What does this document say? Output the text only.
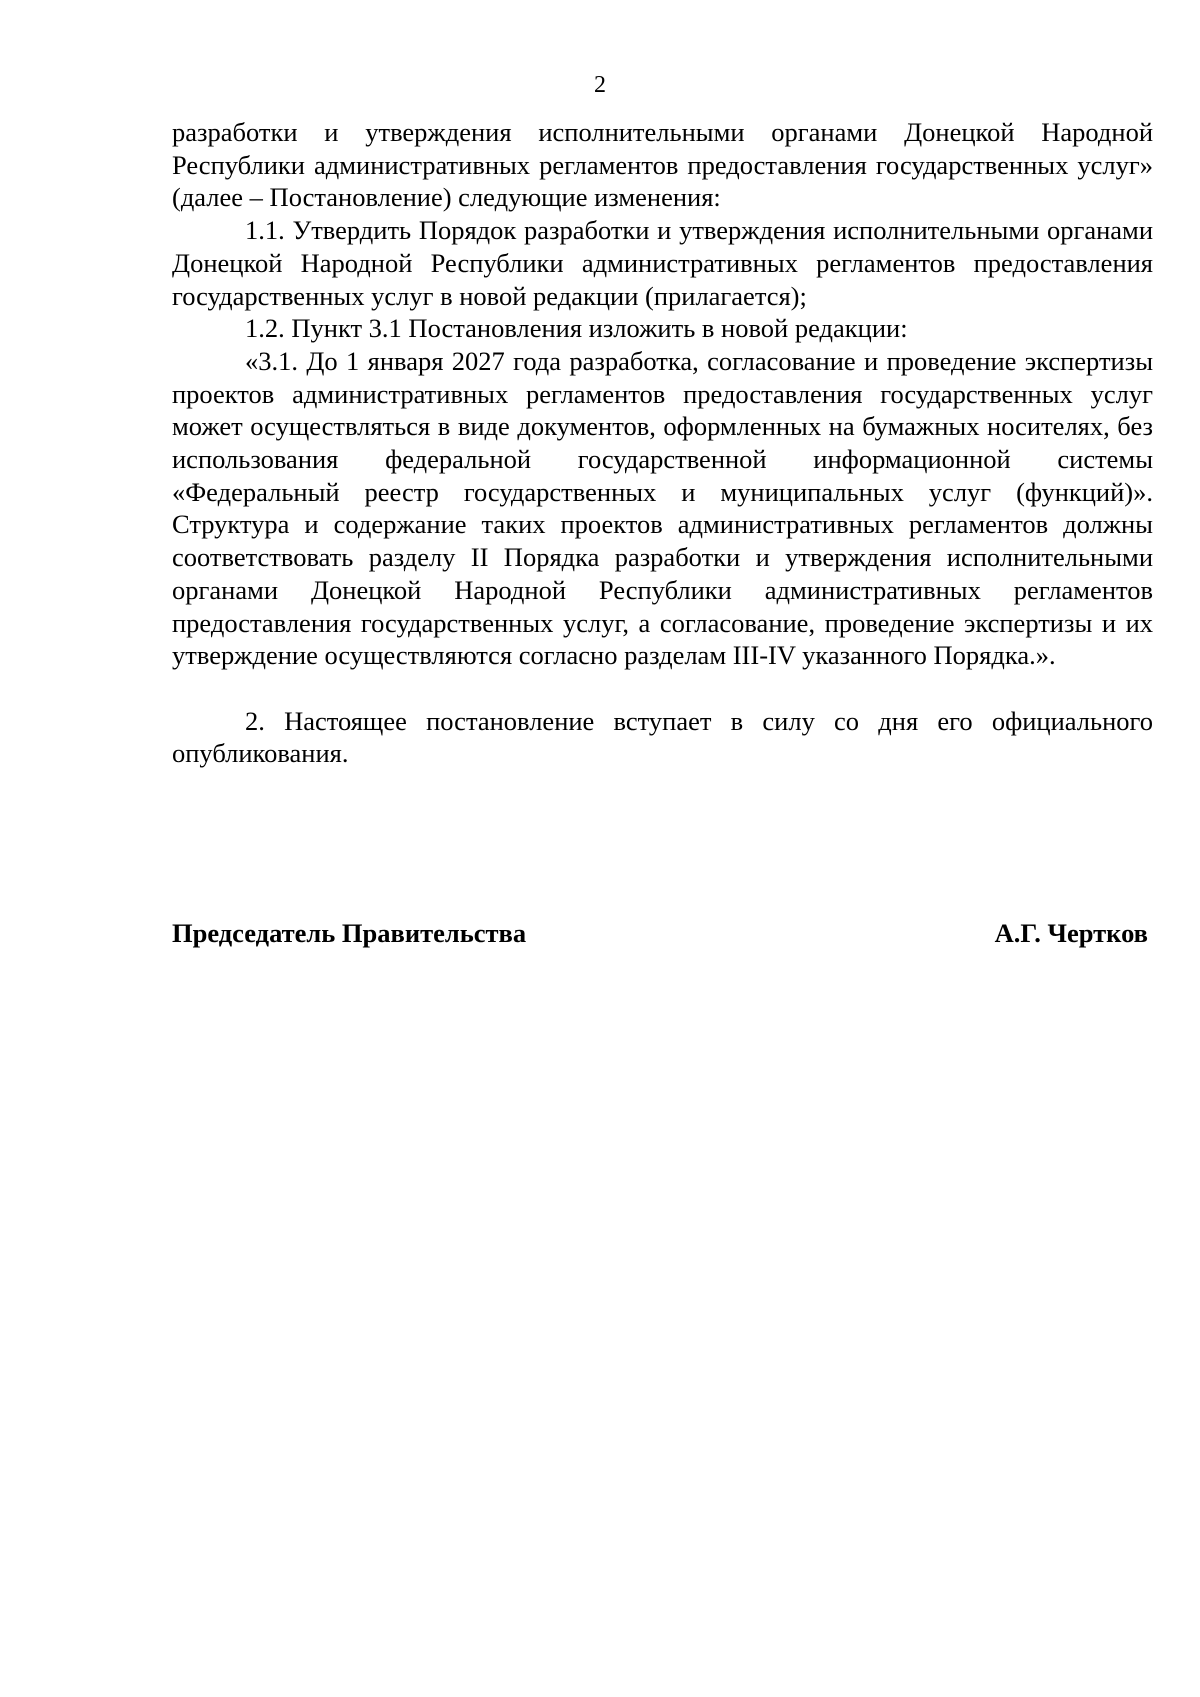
2

разработки и утверждения исполнительными органами Донецкой Народной Республики административных регламентов предоставления государственных услуг» (далее – Постановление) следующие изменения:

1.1. Утвердить Порядок разработки и утверждения исполнительными органами Донецкой Народной Республики административных регламентов предоставления государственных услуг в новой редакции (прилагается);

1.2. Пункт 3.1 Постановления изложить в новой редакции:

«3.1. До 1 января 2027 года разработка, согласование и проведение экспертизы проектов административных регламентов предоставления государственных услуг может осуществляться в виде документов, оформленных на бумажных носителях, без использования федеральной государственной информационной системы «Федеральный реестр государственных и муниципальных услуг (функций)». Структура и содержание таких проектов административных регламентов должны соответствовать разделу II Порядка разработки и утверждения исполнительными органами Донецкой Народной Республики административных регламентов предоставления государственных услуг, а согласование, проведение экспертизы и их утверждение осуществляются согласно разделам III-IV указанного Порядка.».

2. Настоящее постановление вступает в силу со дня его официального опубликования.

Председатель Правительства	А.Г. Чертков
